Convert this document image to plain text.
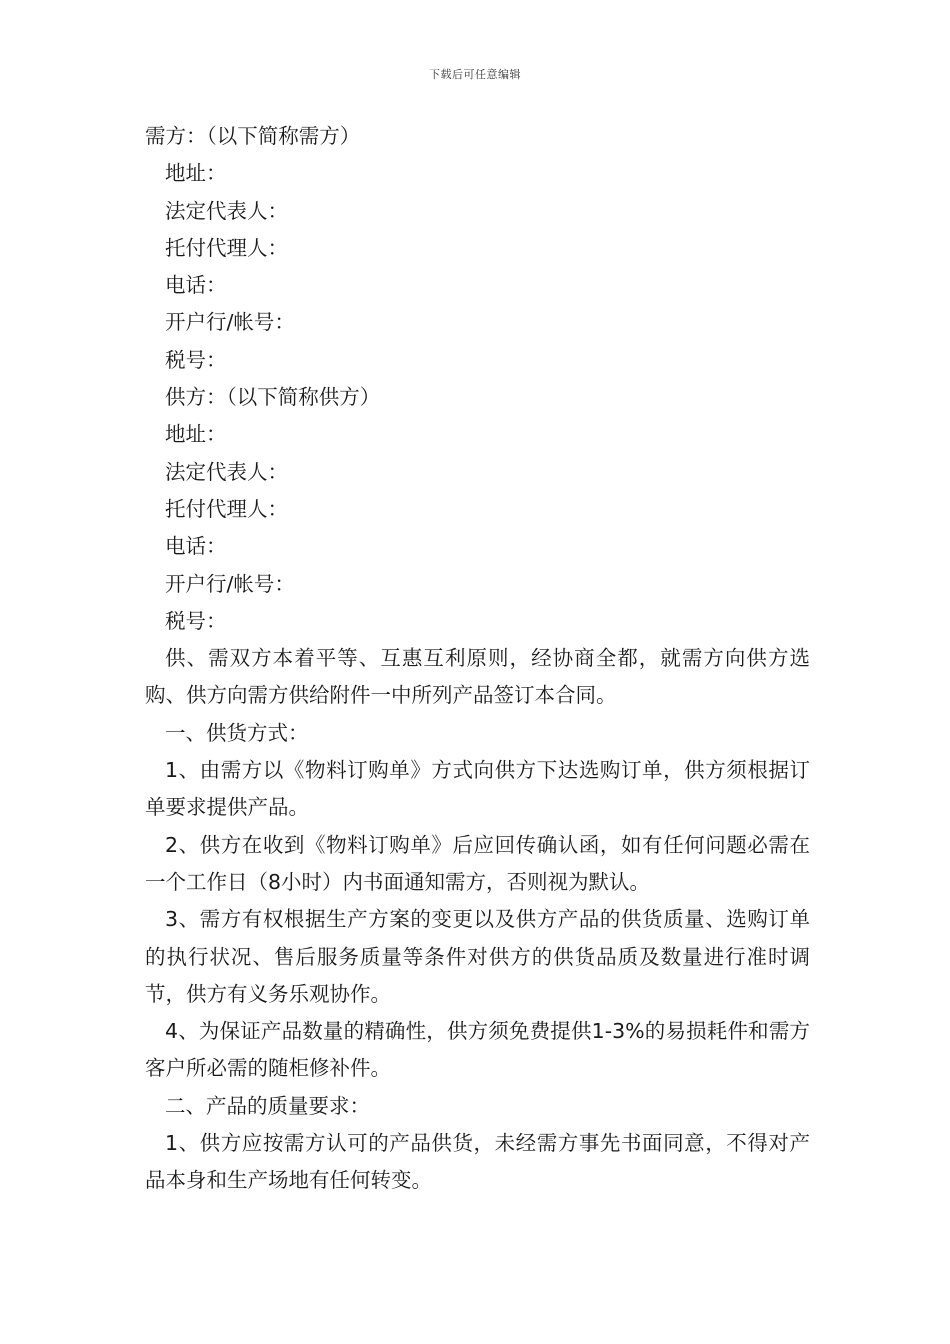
下载后可任意编辑
需方：（以下简称需方）
地址：
法定代表人：
托付代理人：
电话：
开户行/帐号：
税号：
供方：（以下简称供方）
地址：
法定代表人：
托付代理人：
电话：
开户行/帐号：
税号：
供、需双方本着平等、互惠互利原则，经协商全都，就需方向供方选购、供方向需方供给附件一中所列产品签订本合同。
一、供货方式：
1、由需方以《物料订购单》方式向供方下达选购订单，供方须根据订单要求提供产品。
2、供方在收到《物料订购单》后应回传确认函，如有任何问题必需在一个工作日（8小时）内书面通知需方，否则视为默认。
3、需方有权根据生产方案的变更以及供方产品的供货质量、选购订单的执行状况、售后服务质量等条件对供方的供货品质及数量进行准时调节，供方有义务乐观协作。
4、为保证产品数量的精确性，供方须免费提供1-3%的易损耗件和需方客户所必需的随柜修补件。
二、产品的质量要求：
1、供方应按需方认可的产品供货，未经需方事先书面同意，不得对产品本身和生产场地有任何转变。
